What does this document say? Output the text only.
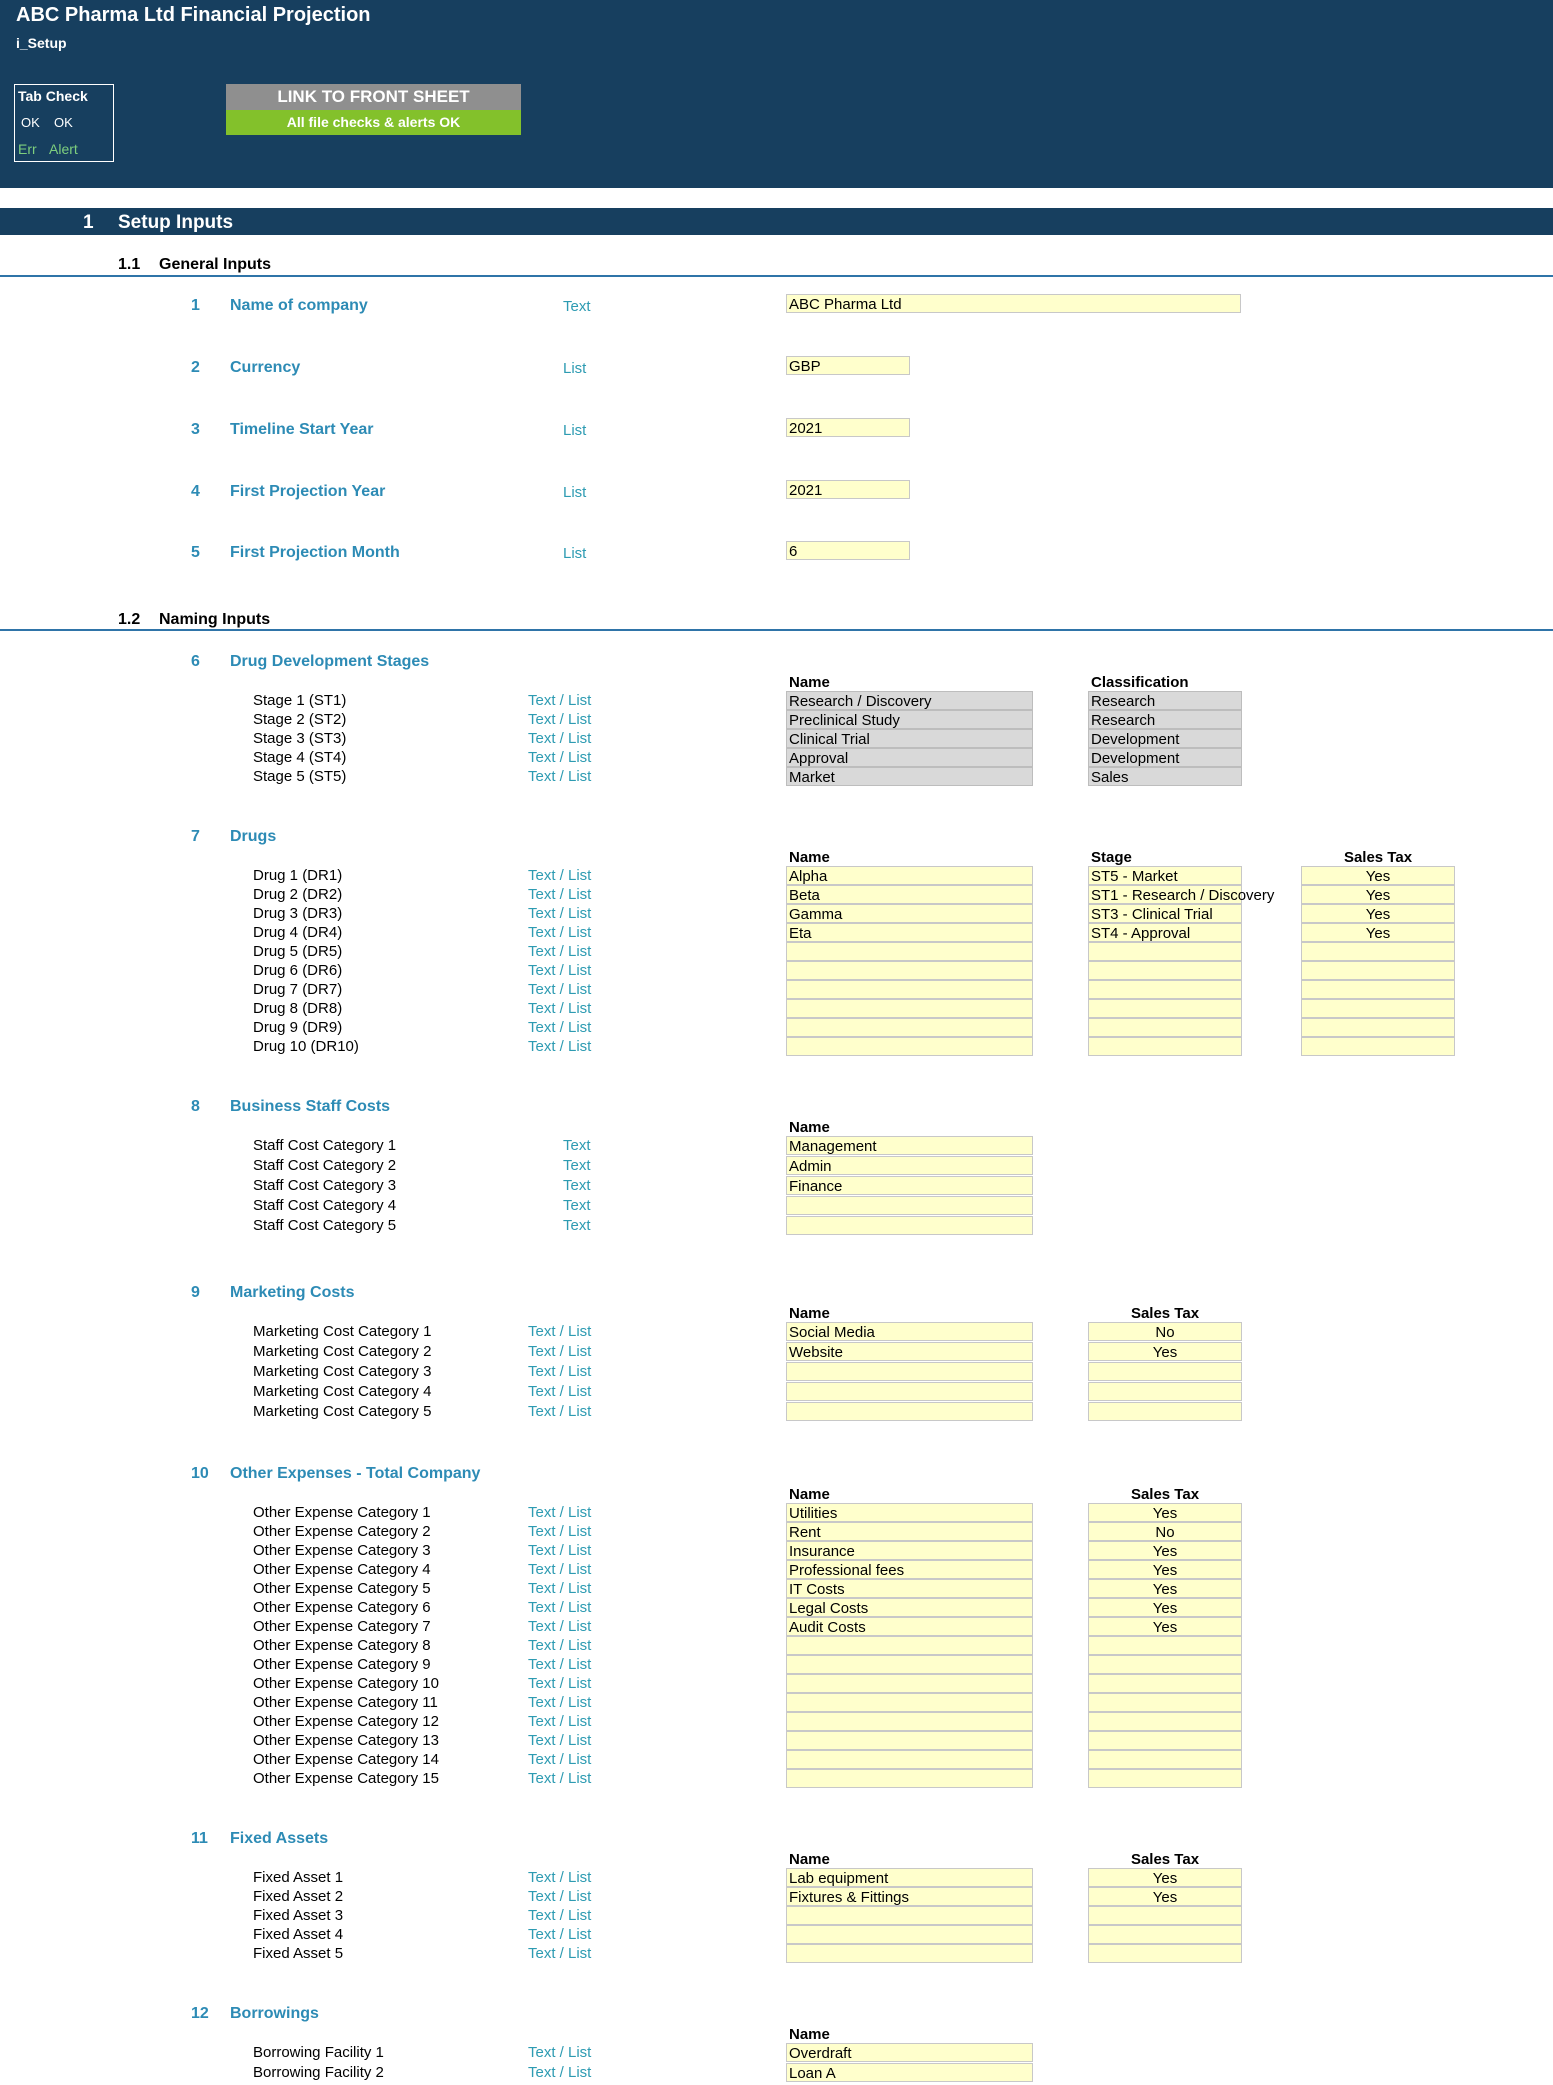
ABC Pharma Ltd Financial Projection
i_Setup
Tab Check
OK OK
Err Alert
LINK TO FRONT SHEET
All file checks & alerts OK
1 Setup Inputs
1.1 General Inputs
1 Name of company	Text	ABC Pharma Ltd
2 Currency	List	GBP
3 Timeline Start Year	List	2021
4 First Projection Year	List	2021
5 First Projection Month	List	6
1.2 Naming Inputs
6 Drug Development Stages
Name	Classification
Stage 1 (ST1)	Text / List	Research / Discovery	Research
Stage 2 (ST2)	Text / List	Preclinical Study	Research
Stage 3 (ST3)	Text / List	Clinical Trial	Development
Stage 4 (ST4)	Text / List	Approval	Development
Stage 5 (ST5)	Text / List	Market	Sales
7 Drugs
Name	Stage	Sales Tax
Drug 1 (DR1)	Text / List	Alpha	ST5 - Market	Yes
Drug 2 (DR2)	Text / List	Beta	ST1 - Research / Discovery	Yes
Drug 3 (DR3)	Text / List	Gamma	ST3 - Clinical Trial	Yes
Drug 4 (DR4)	Text / List	Eta	ST4 - Approval	Yes
Drug 5 (DR5)	Text / List
Drug 6 (DR6)	Text / List
Drug 7 (DR7)	Text / List
Drug 8 (DR8)	Text / List
Drug 9 (DR9)	Text / List
Drug 10 (DR10)	Text / List
8 Business Staff Costs
Name
Staff Cost Category 1	Text	Management
Staff Cost Category 2	Text	Admin
Staff Cost Category 3	Text	Finance
Staff Cost Category 4	Text
Staff Cost Category 5	Text
9 Marketing Costs
Name	Sales Tax
Marketing Cost Category 1	Text / List	Social Media	No
Marketing Cost Category 2	Text / List	Website	Yes
Marketing Cost Category 3	Text / List
Marketing Cost Category 4	Text / List
Marketing Cost Category 5	Text / List
10 Other Expenses - Total Company
Name	Sales Tax
Other Expense Category 1	Text / List	Utilities	Yes
Other Expense Category 2	Text / List	Rent	No
Other Expense Category 3	Text / List	Insurance	Yes
Other Expense Category 4	Text / List	Professional fees	Yes
Other Expense Category 5	Text / List	IT Costs	Yes
Other Expense Category 6	Text / List	Legal Costs	Yes
Other Expense Category 7	Text / List	Audit Costs	Yes
Other Expense Category 8	Text / List
Other Expense Category 9	Text / List
Other Expense Category 10	Text / List
Other Expense Category 11	Text / List
Other Expense Category 12	Text / List
Other Expense Category 13	Text / List
Other Expense Category 14	Text / List
Other Expense Category 15	Text / List
11 Fixed Assets
Name	Sales Tax
Fixed Asset 1	Text / List	Lab equipment	Yes
Fixed Asset 2	Text / List	Fixtures & Fittings	Yes
Fixed Asset 3	Text / List
Fixed Asset 4	Text / List
Fixed Asset 5	Text / List
12 Borrowings
Name
Borrowing Facility 1	Text / List	Overdraft
Borrowing Facility 2	Text / List	Loan A
